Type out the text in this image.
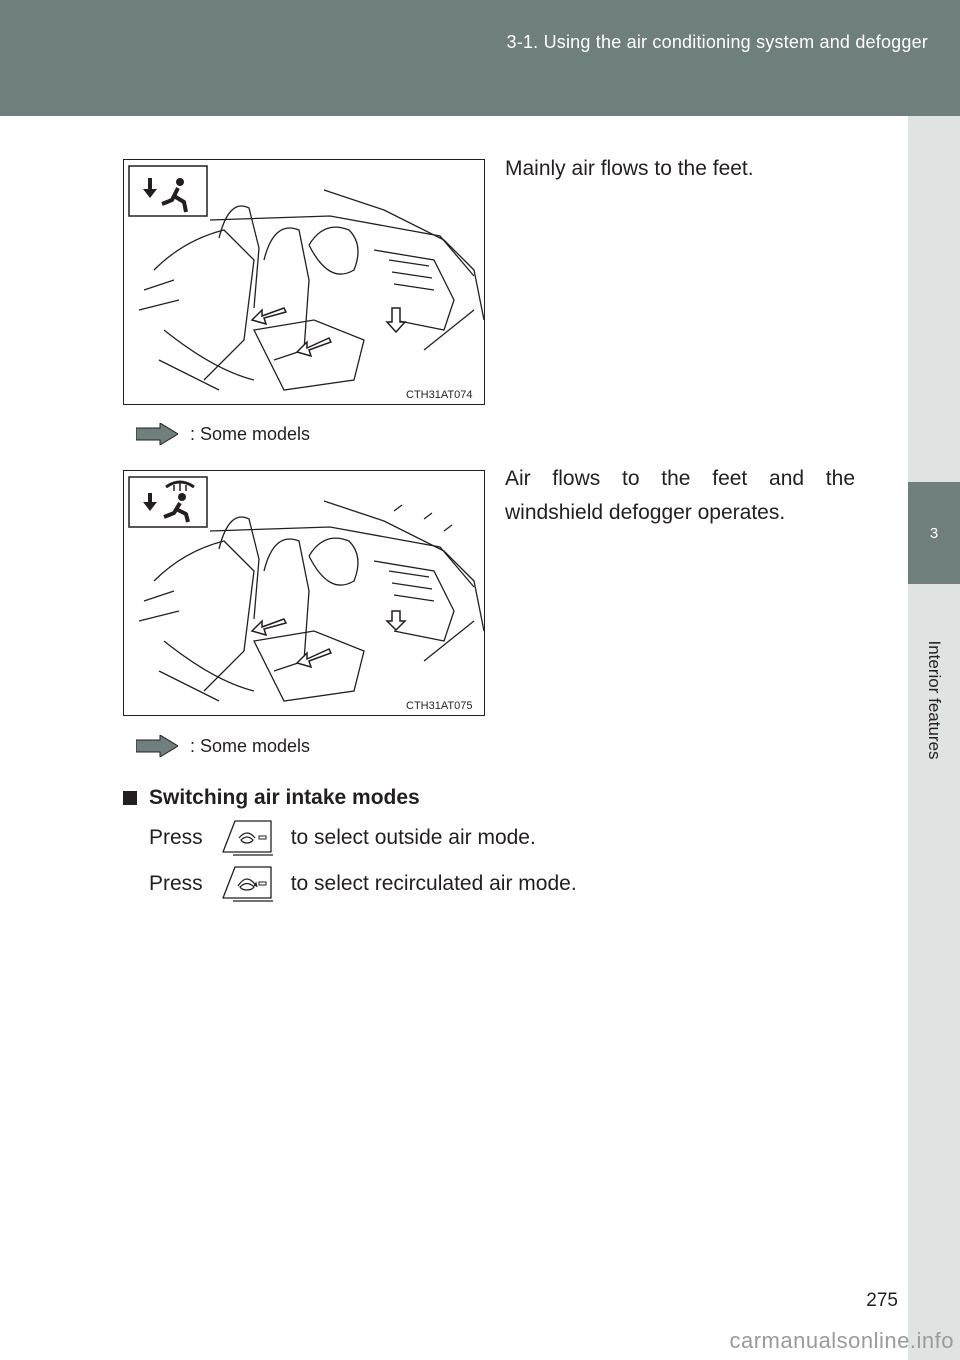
3-1. Using the air conditioning system and defogger
3
Interior features
CTH31AT074
Mainly air flows to the feet.
: Some models
CTH31AT075
Air flows to the feet and the windshield defogger operates.
: Some models
Switching air intake modes
Press	to select outside air mode.
Press	to select recirculated air mode.
275
carmanualsonline.info
